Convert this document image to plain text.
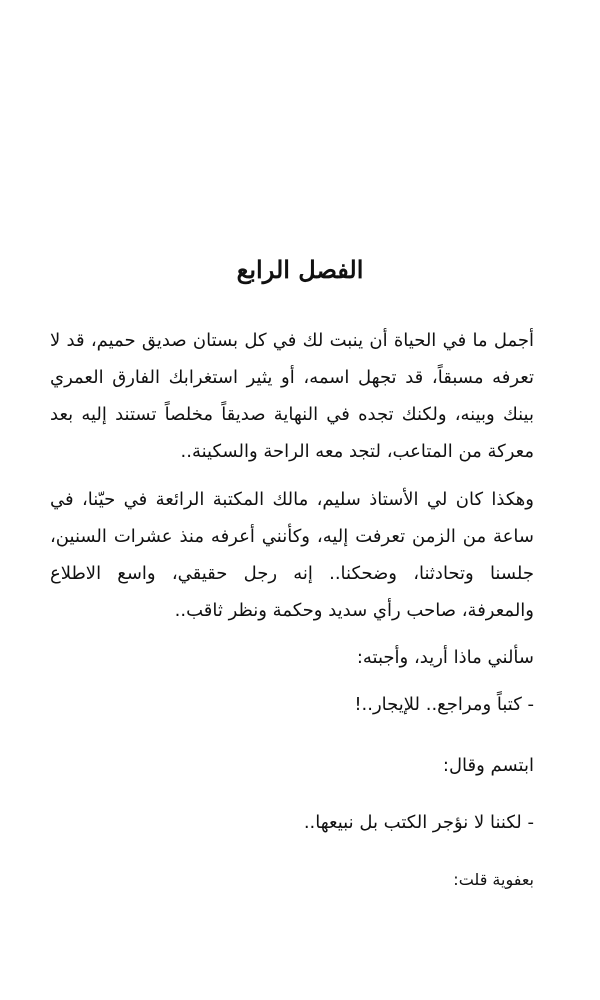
الفصل الرابع

أجمل ما في الحياة أن ينبت لك في كل بستان صديق حميم، قد لا تعرفه مسبقاً، قد تجهل اسمه، أو يثير استغرابك الفارق العمري بينك وبينه، ولكنك تجده في النهاية صديقاً مخلصاً تستند إليه بعد معركة من المتاعب، لتجد معه الراحة والسكينة..

وهكذا كان لي الأستاذ سليم، مالك المكتبة الرائعة في حيّنا، في ساعة من الزمن تعرفت إليه، وكأنني أعرفه منذ عشرات السنين، جلسنا وتحادثنا، وضحكنا.. إنه رجل حقيقي، واسع الاطلاع والمعرفة، صاحب رأي سديد وحكمة ونظر ثاقب..

سألني ماذا أريد، وأجبته:

- كتباً ومراجع.. للإيجار..!

ابتسم وقال:

- لكننا لا نؤجر الكتب بل نبيعها..

بعفوية قلت:
